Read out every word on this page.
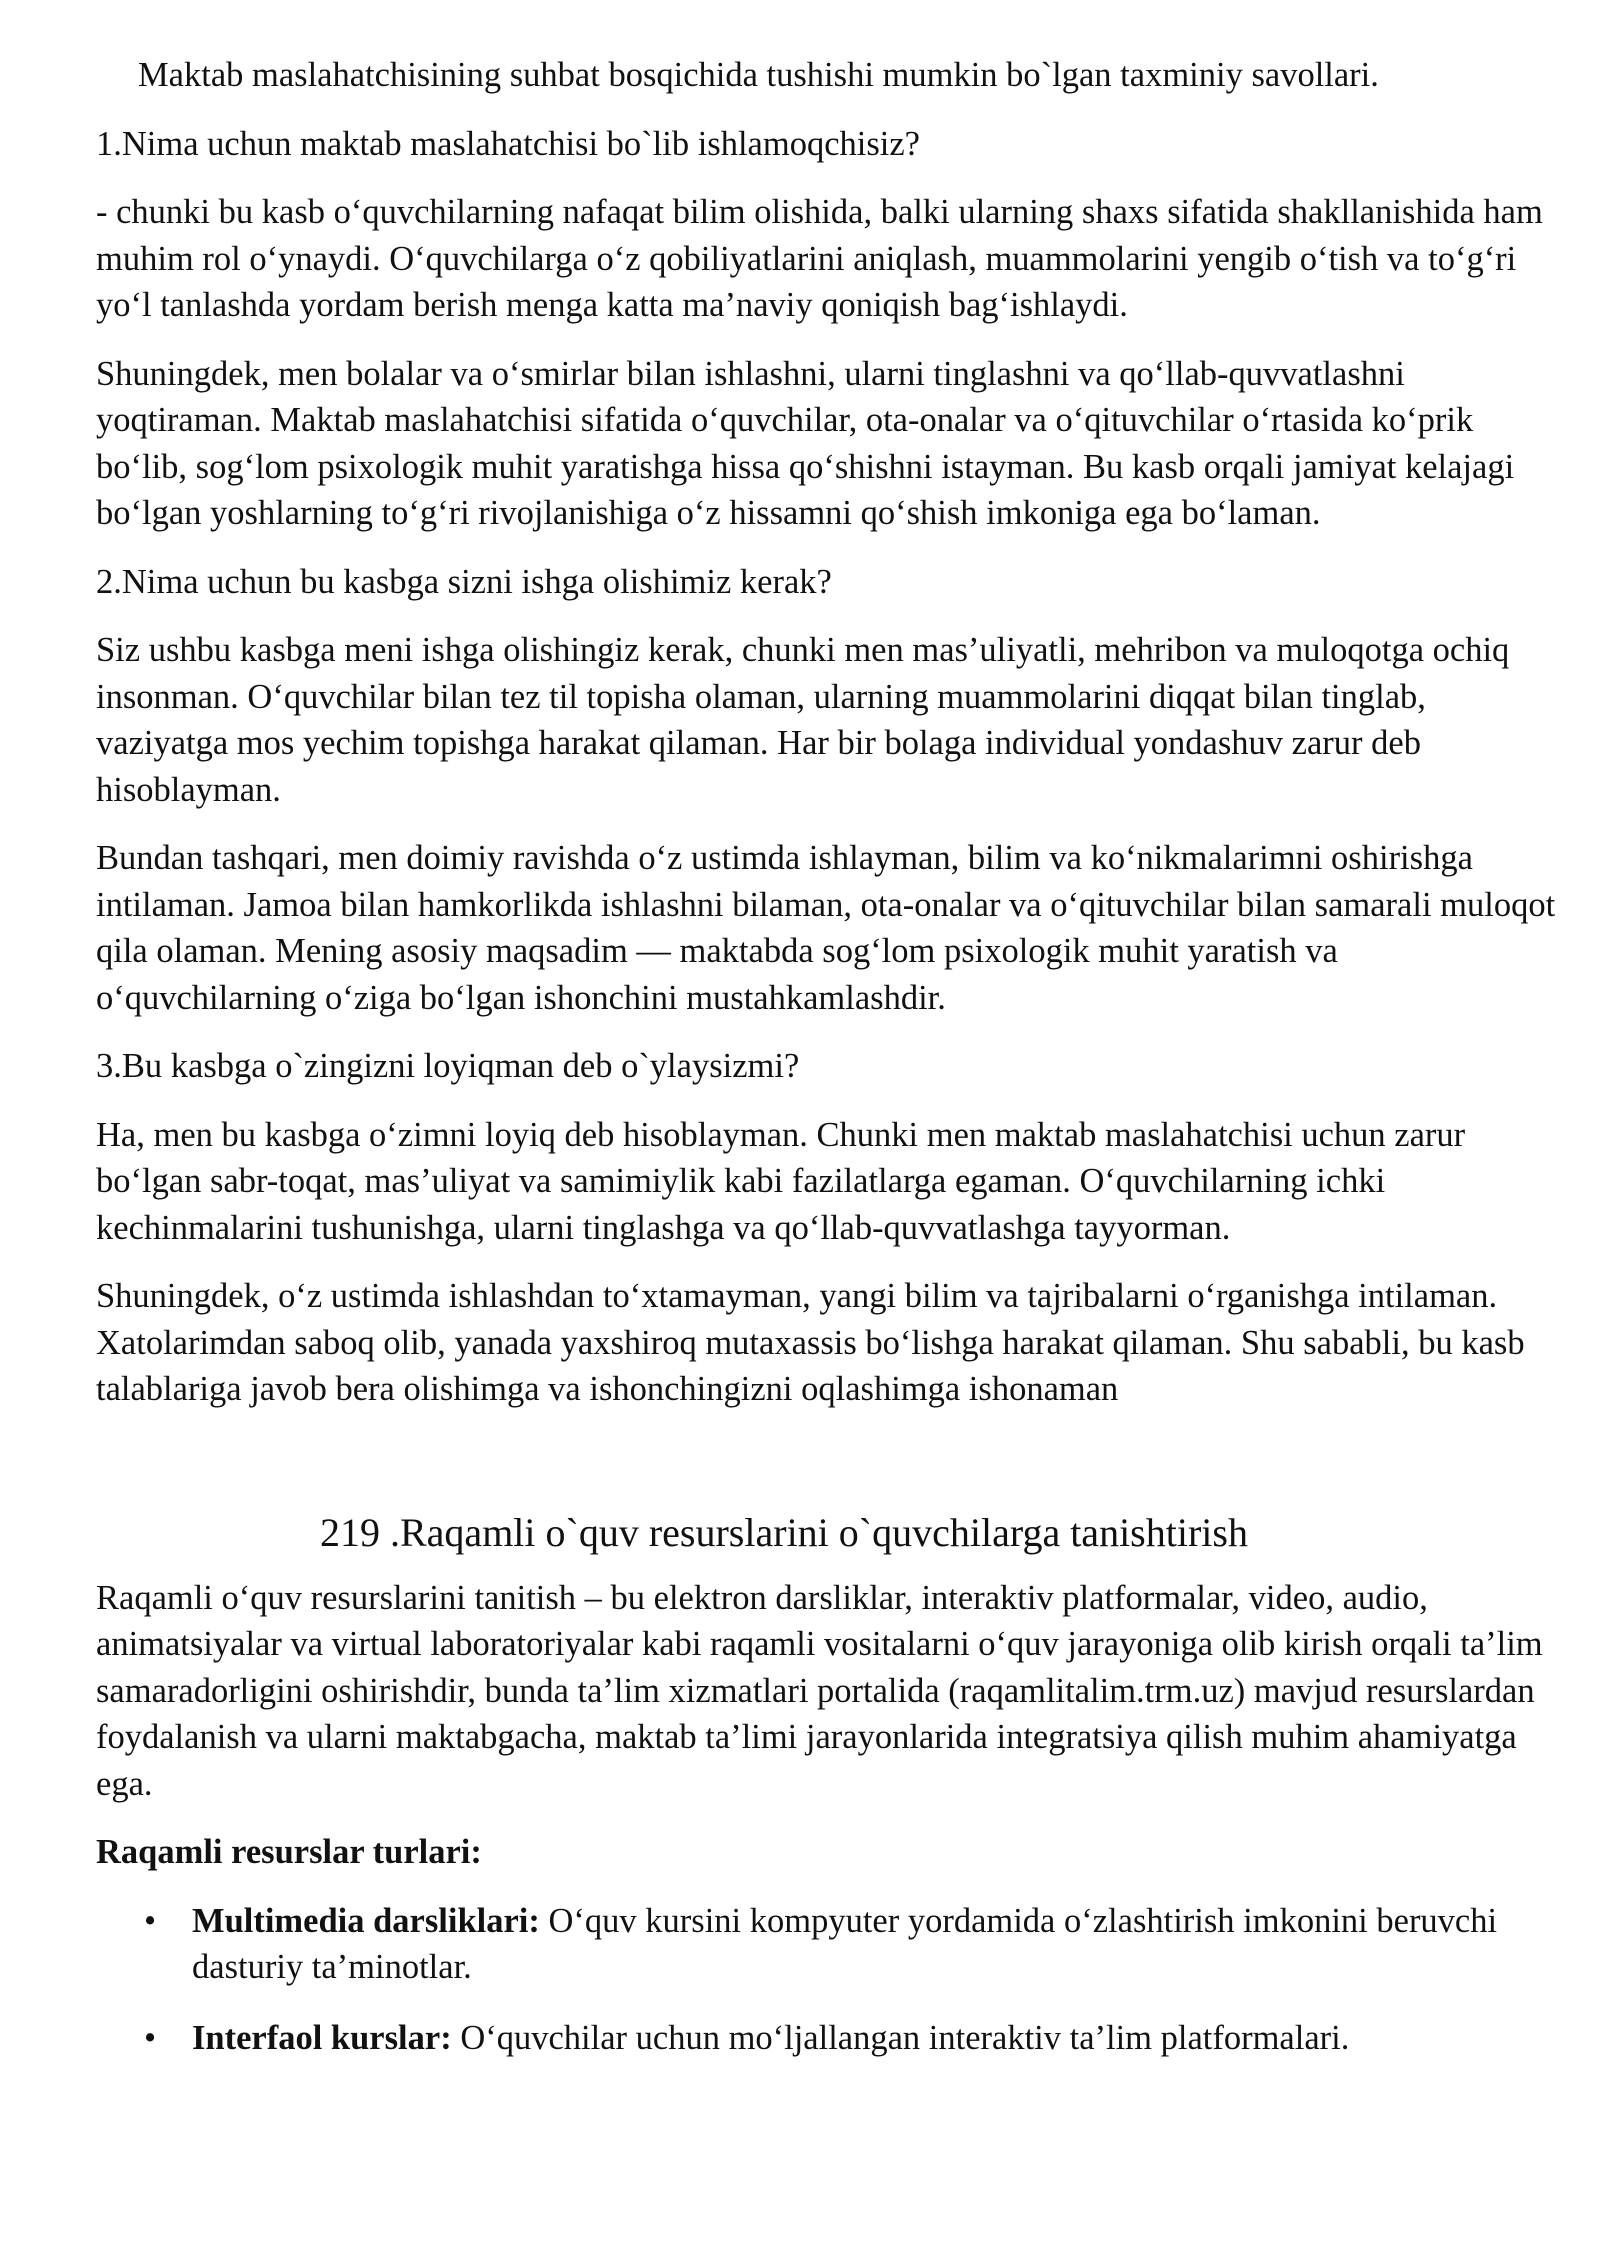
Maktab maslahatchisining suhbat bosqichida tushishi mumkin bo`lgan taxminiy savollari.

1.Nima uchun maktab maslahatchisi bo`lib ishlamoqchisiz?

- chunki bu kasb o‘quvchilarning nafaqat bilim olishida, balki ularning shaxs sifatida shakllanishida ham muhim rol o‘ynaydi. O‘quvchilarga o‘z qobiliyatlarini aniqlash, muammolarini yengib o‘tish va to‘g‘ri yo‘l tanlashda yordam berish menga katta ma’naviy qoniqish bag‘ishlaydi.

Shuningdek, men bolalar va o‘smirlar bilan ishlashni, ularni tinglashni va qo‘llab-quvvatlashni yoqtiraman. Maktab maslahatchisi sifatida o‘quvchilar, ota-onalar va o‘qituvchilar o‘rtasida ko‘prik bo‘lib, sog‘lom psixologik muhit yaratishga hissa qo‘shishni istayman. Bu kasb orqali jamiyat kelajagi bo‘lgan yoshlarning to‘g‘ri rivojlanishiga o‘z hissamni qo‘shish imkoniga ega bo‘laman.

2.Nima uchun bu kasbga sizni ishga olishimiz kerak?

Siz ushbu kasbga meni ishga olishingiz kerak, chunki men mas’uliyatli, mehribon va muloqotga ochiq insonman. O‘quvchilar bilan tez til topisha olaman, ularning muammolarini diqqat bilan tinglab, vaziyatga mos yechim topishga harakat qilaman. Har bir bolaga individual yondashuv zarur deb hisoblayman.

Bundan tashqari, men doimiy ravishda o‘z ustimda ishlayman, bilim va ko‘nikmalarimni oshirishga intilaman. Jamoa bilan hamkorlikda ishlashni bilaman, ota-onalar va o‘qituvchilar bilan samarali muloqot qila olaman. Mening asosiy maqsadim — maktabda sog‘lom psixologik muhit yaratish va o‘quvchilarning o‘ziga bo‘lgan ishonchini mustahkamlashdir.

3.Bu kasbga o`zingizni loyiqman deb o`ylaysizmi?

Ha, men bu kasbga o‘zimni loyiq deb hisoblayman. Chunki men maktab maslahatchisi uchun zarur bo‘lgan sabr-toqat, mas’uliyat va samimiylik kabi fazilatlarga egaman. O‘quvchilarning ichki kechinmalarini tushunishga, ularni tinglashga va qo‘llab-quvvatlashga tayyorman.

Shuningdek, o‘z ustimda ishlashdan to‘xtamayman, yangi bilim va tajribalarni o‘rganishga intilaman. Xatolarimdan saboq olib, yanada yaxshiroq mutaxassis bo‘lishga harakat qilaman. Shu sababli, bu kasb talablariga javob bera olishimga va ishonchingizni oqlashimga ishonaman

219 .Raqamli o`quv resurslarini o`quvchilarga tanishtirish

Raqamli o‘quv resurslarini tanitish – bu elektron darsliklar, interaktiv platformalar, video, audio, animatsiyalar va virtual laboratoriyalar kabi raqamli vositalarni o‘quv jarayoniga olib kirish orqali ta’lim samaradorligini oshirishdir, bunda ta’lim xizmatlari portalida (raqamlitalim.trm.uz) mavjud resurslardan foydalanish va ularni maktabgacha, maktab ta’limi jarayonlarida integratsiya qilish muhim ahamiyatga ega.

Raqamli resurslar turlari:

• Multimedia darsliklari: O‘quv kursini kompyuter yordamida o‘zlashtirish imkonini beruvchi dasturiy ta’minotlar.
• Interfaol kurslar: O‘quvchilar uchun mo‘ljallangan interaktiv ta’lim platformalari.
